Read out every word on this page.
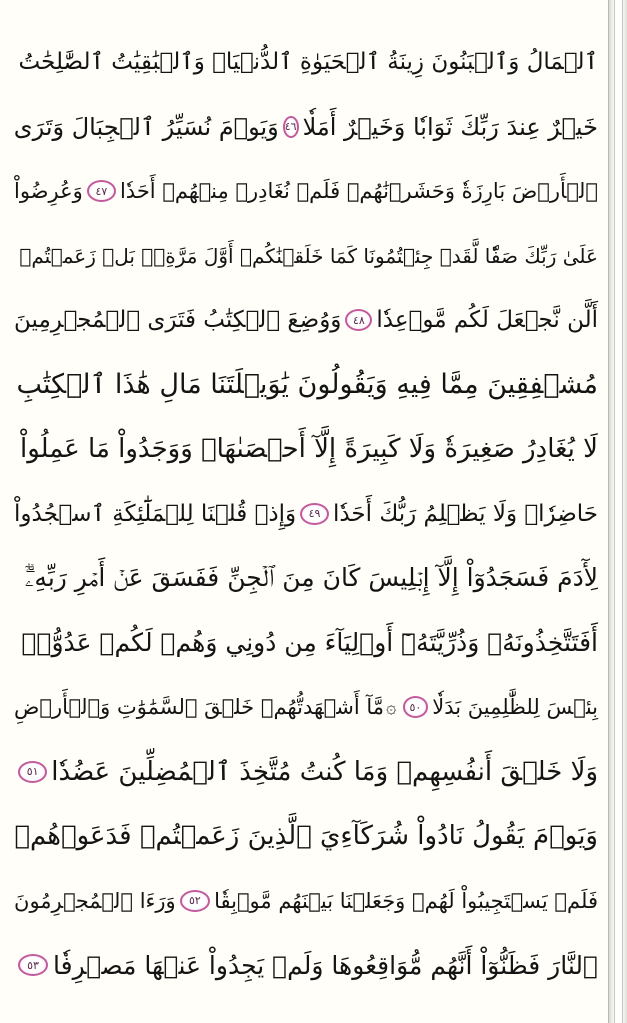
ٱلۡمَالُ وَٱلۡبَنُونَ زِينَةُ ٱلۡحَيَوٰةِ ٱلدُّنۡيَاۖ وَٱلۡبَٰقِيَٰتُ ٱلصَّٰلِحَٰتُ
خَيۡرٌ عِندَ رَبِّكَ ثَوَابٗا وَخَيۡرٌ أَمَلٗا
٤٦
وَيَوۡمَ نُسَيِّرُ ٱلۡجِبَالَ وَتَرَى
ٱلۡأَرۡضَ بَارِزَةٗ وَحَشَرۡنَٰهُمۡ فَلَمۡ نُغَادِرۡ مِنۡهُمۡ أَحَدٗا
٤٧
وَعُرِضُواْ
عَلَىٰ رَبِّكَ صَفّٗا لَّقَدۡ جِئۡتُمُونَا كَمَا خَلَقۡنَٰكُمۡ أَوَّلَ مَرَّةِۭۚ بَلۡ زَعَمۡتُمۡ
أَلَّن نَّجۡعَلَ لَكُم مَّوۡعِدٗا
٤٨
وَوُضِعَ ٱلۡكِتَٰبُ فَتَرَى ٱلۡمُجۡرِمِينَ
مُشۡفِقِينَ مِمَّا فِيهِ وَيَقُولُونَ يَٰوَيۡلَتَنَا مَالِ هَٰذَا ٱلۡكِتَٰبِ
لَا يُغَادِرُ صَغِيرَةٗ وَلَا كَبِيرَةً إِلَّآ أَحۡصَىٰهَاۚ وَوَجَدُواْ مَا عَمِلُواْ
حَاضِرٗاۗ وَلَا يَظۡلِمُ رَبُّكَ أَحَدٗا
٤٩
وَإِذۡ قُلۡنَا لِلۡمَلَٰٓئِكَةِ ٱسۡجُدُواْ
لِأٓدَمَ فَسَجَدُوٓاْ إِلَّآ إِبۡلِيسَ كَانَ مِنَ ٱلۡجِنِّ فَفَسَقَ عَنۡ أَمۡرِ رَبِّهِۦٓۗ
أَفَتَتَّخِذُونَهُۥ وَذُرِّيَّتَهُۥٓ أَوۡلِيَآءَ مِن دُونِي وَهُمۡ لَكُمۡ عَدُوُّۢۚ
بِئۡسَ لِلظَّٰلِمِينَ بَدَلٗا
٥٠
۞
مَّآ أَشۡهَدتُّهُمۡ خَلۡقَ ٱلسَّمَٰوَٰتِ وَٱلۡأَرۡضِ
وَلَا خَلۡقَ أَنفُسِهِمۡ وَمَا كُنتُ مُتَّخِذَ ٱلۡمُضِلِّينَ عَضُدٗا
٥١
وَيَوۡمَ يَقُولُ نَادُواْ شُرَكَآءِيَ ٱلَّذِينَ زَعَمۡتُمۡ فَدَعَوۡهُمۡ
فَلَمۡ يَسۡتَجِيبُواْ لَهُمۡ وَجَعَلۡنَا بَيۡنَهُم مَّوۡبِقٗا
٥٢
وَرَءَا ٱلۡمُجۡرِمُونَ
ٱلنَّارَ فَظَنُّوٓاْ أَنَّهُم مُّوَاقِعُوهَا وَلَمۡ يَجِدُواْ عَنۡهَا مَصۡرِفٗا
٥٣
